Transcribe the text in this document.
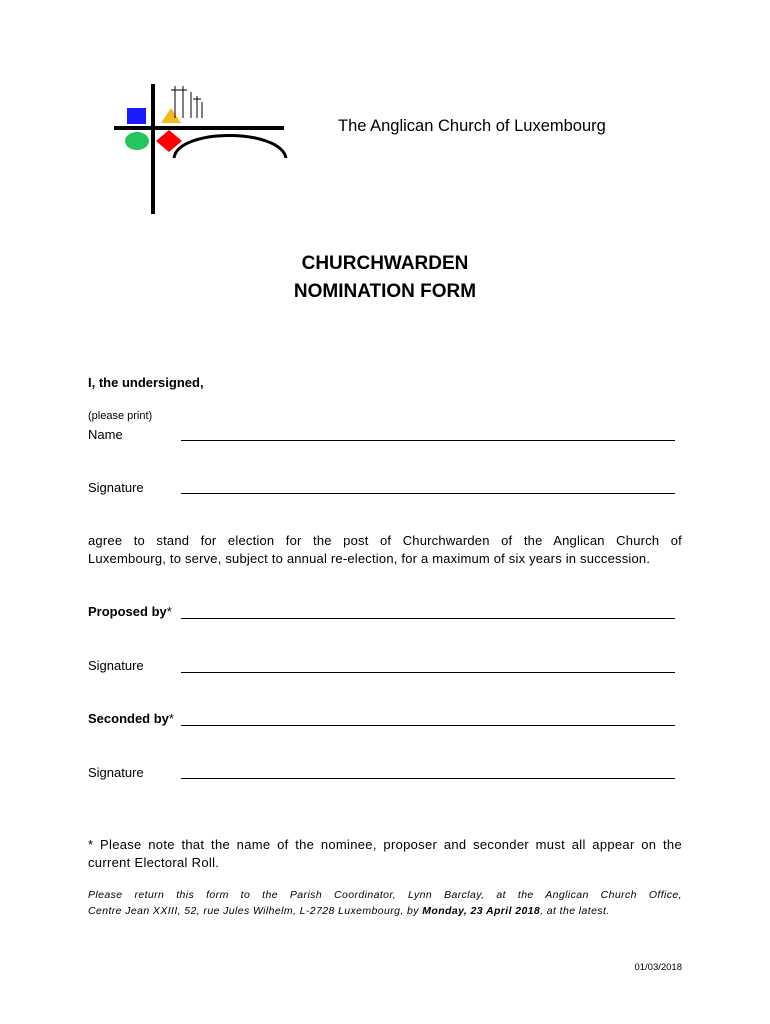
The Anglican Church of Luxembourg
CHURCHWARDEN
NOMINATION FORM
I, the undersigned,
(please print)
Name
Signature
agree to stand for election for the post of Churchwarden of the Anglican Church of
Luxembourg, to serve, subject to annual re-election, for a maximum of six years in succession.
Proposed by*
Signature
Seconded by*
Signature
* Please note that the name of the nominee, proposer and seconder must all appear on the
current Electoral Roll.
Please return this form to the Parish Coordinator, Lynn Barclay, at the Anglican Church Office,
Centre Jean XXIII, 52, rue Jules Wilhelm, L-2728 Luxembourg, by Monday, 23 April 2018, at the latest.
01/03/2018
